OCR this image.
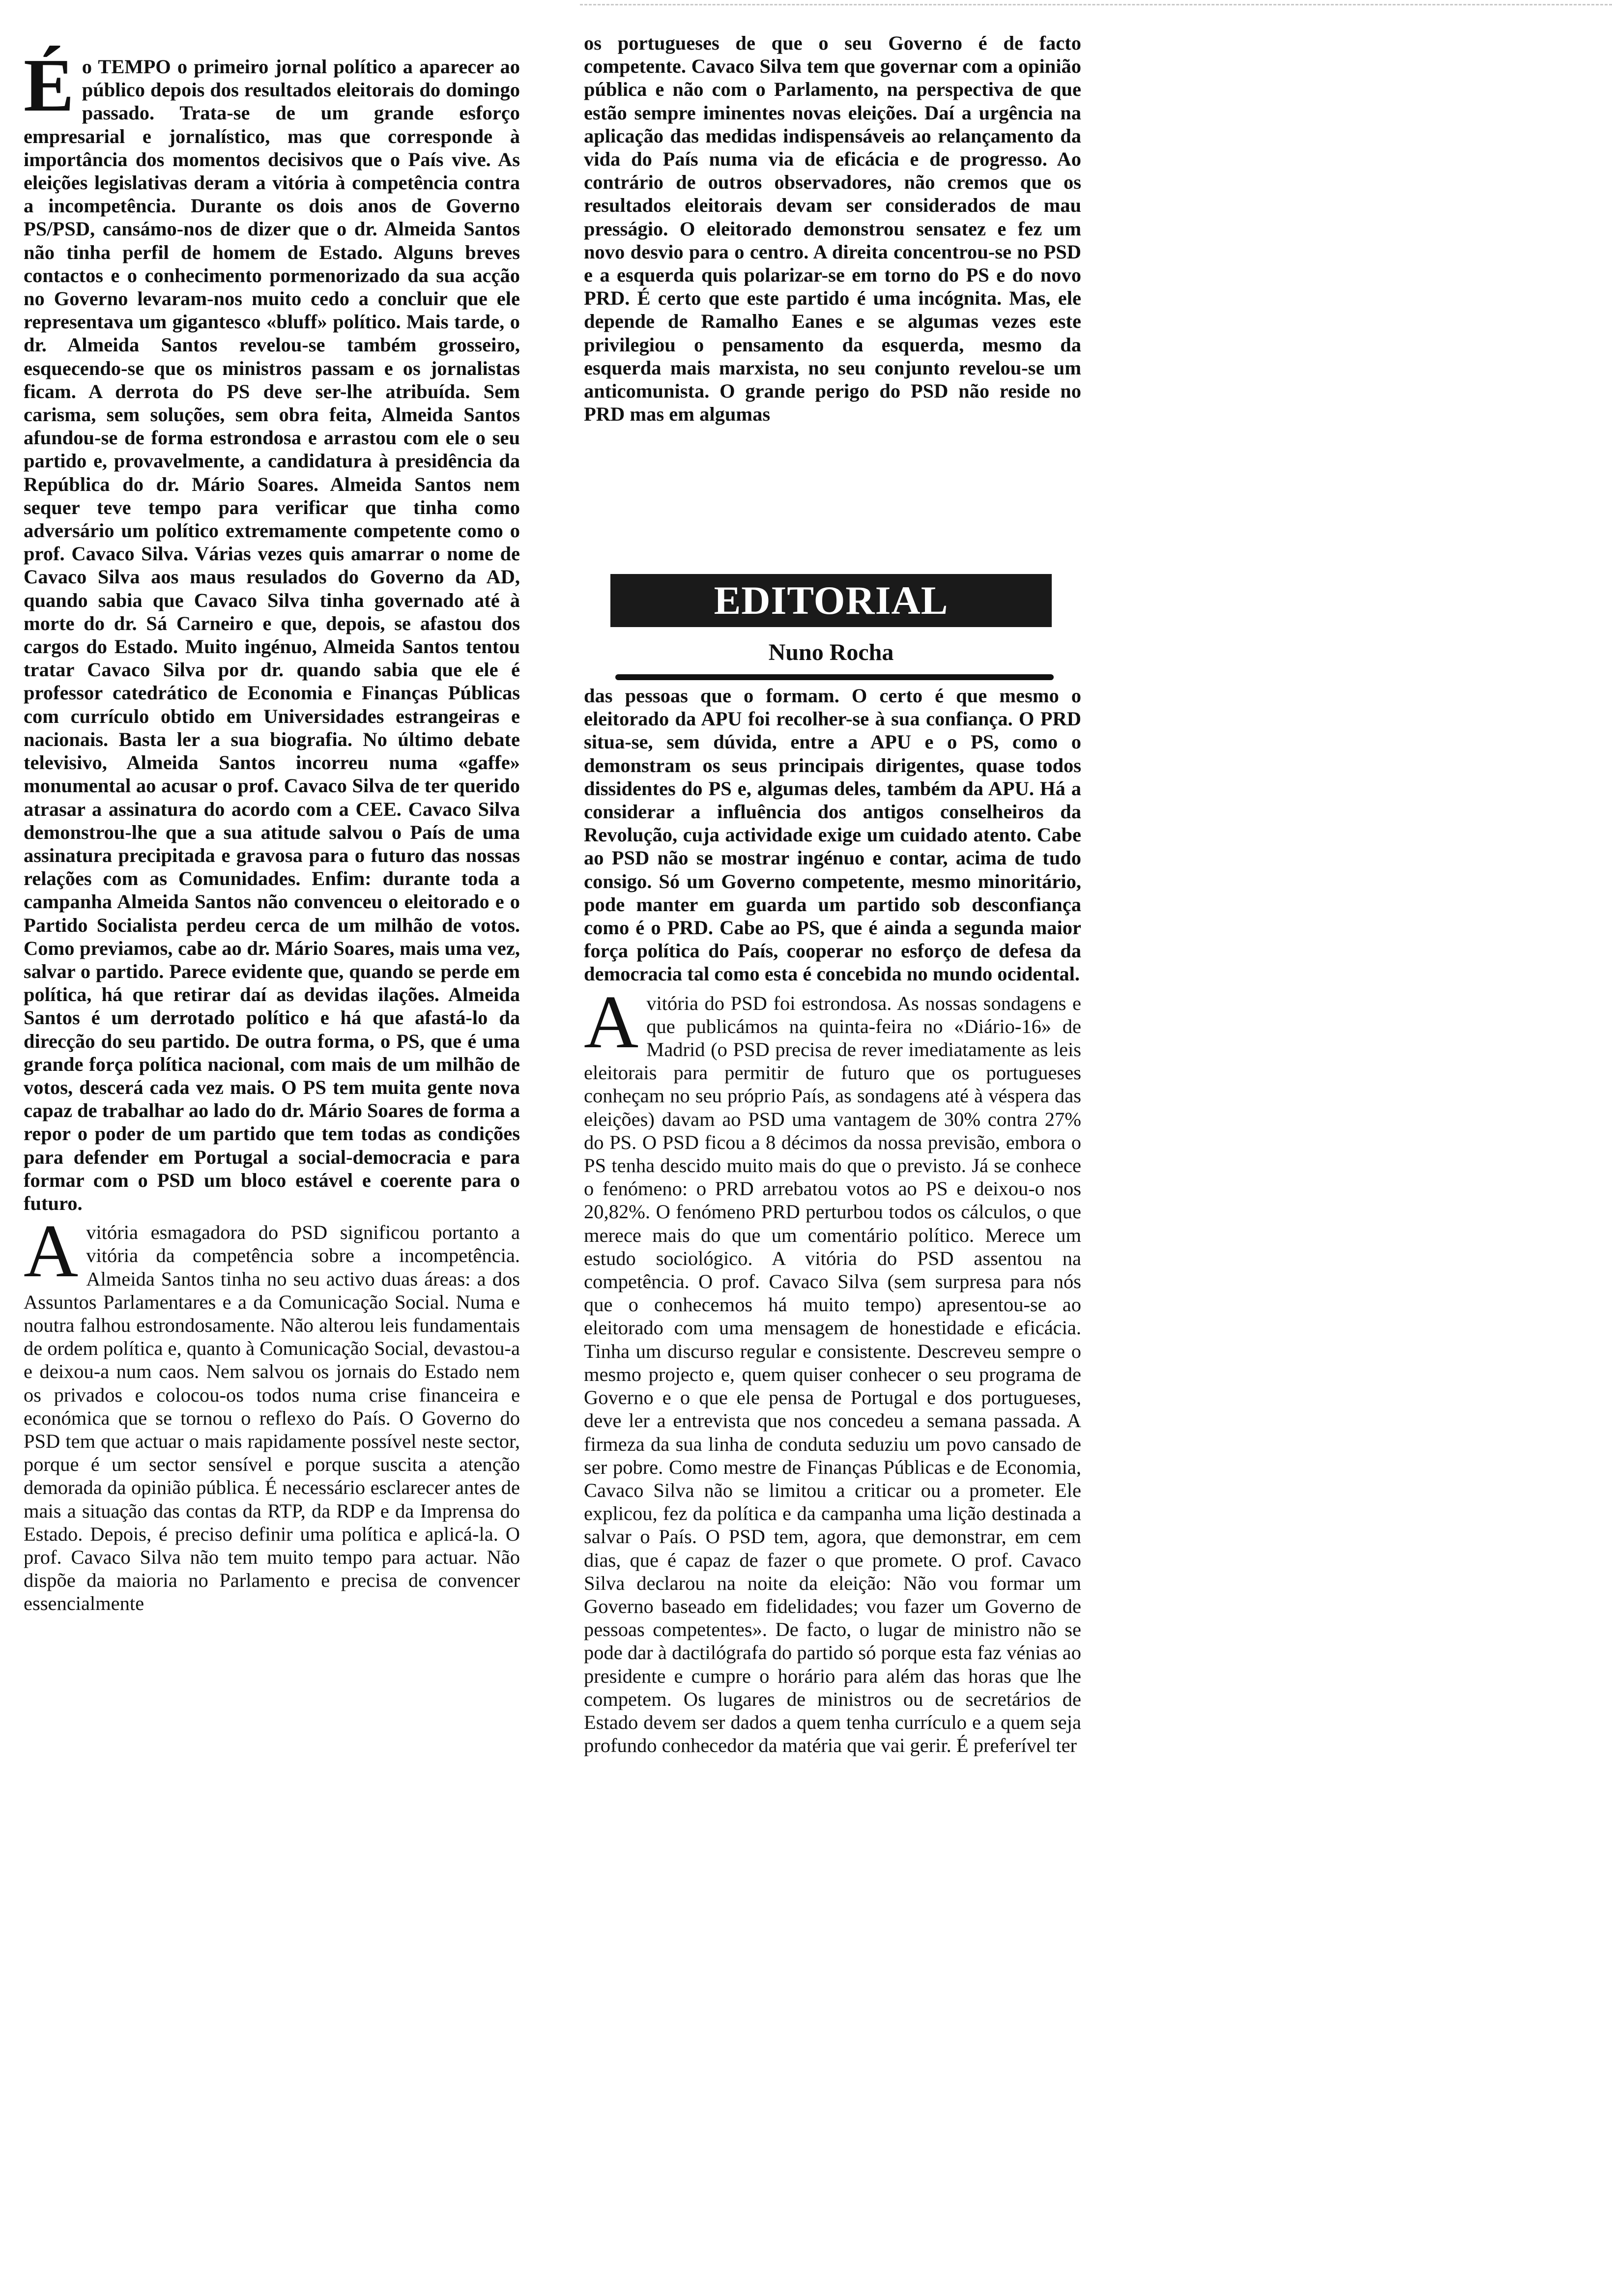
Éo TEMPO o primeiro jornal político a aparecer ao público depois dos resultados eleitorais do domingo passado. Trata-se de um grande esforço empresarial e jornalístico, mas que corresponde à importância dos momentos decisivos que o País vive. As eleições legislativas deram a vitória à competência contra a incompetência. Durante os dois anos de Governo PS/PSD, cansámo-nos de dizer que o dr. Almeida Santos não tinha perfil de homem de Estado. Alguns breves contactos e o conhecimento pormenorizado da sua acção no Governo levaram-nos muito cedo a concluir que ele representava um gigantesco «bluff» político. Mais tarde, o dr. Almeida Santos revelou-se também grosseiro, esquecendo-se que os ministros passam e os jornalistas ficam. A derrota do PS deve ser-lhe atribuída. Sem carisma, sem soluções, sem obra feita, Almeida Santos afundou-se de forma estrondosa e arrastou com ele o seu partido e, provavelmente, a candidatura à presidência da República do dr. Mário Soares. Almeida Santos nem sequer teve tempo para verificar que tinha como adversário um político extremamente competente como o prof. Cavaco Silva. Várias vezes quis amarrar o nome de Cavaco Silva aos maus resulados do Governo da AD, quando sabia que Cavaco Silva tinha governado até à morte do dr. Sá Carneiro e que, depois, se afastou dos cargos do Estado. Muito ingénuo, Almeida Santos tentou tratar Cavaco Silva por dr. quando sabia que ele é professor catedrático de Economia e Finanças Públicas com currículo obtido em Universidades estrangeiras e nacionais. Basta ler a sua biografia. No último debate televisivo, Almeida Santos incorreu numa «gaffe» monumental ao acusar o prof. Cavaco Silva de ter querido atrasar a assinatura do acordo com a CEE. Cavaco Silva demonstrou-lhe que a sua atitude salvou o País de uma assinatura precipitada e gravosa para o futuro das nossas relações com as Comunidades. Enfim: durante toda a campanha Almeida Santos não convenceu o eleitorado e o Partido Socialista perdeu cerca de um milhão de votos. Como previamos, cabe ao dr. Mário Soares, mais uma vez, salvar o partido. Parece evidente que, quando se perde em política, há que retirar daí as devidas ilações. Almeida Santos é um derrotado político e há que afastá-lo da direcção do seu partido. De outra forma, o PS, que é uma grande força política nacional, com mais de um milhão de votos, descerá cada vez mais. O PS tem muita gente nova capaz de trabalhar ao lado do dr. Mário Soares de forma a repor o poder de um partido que tem todas as condições para defender em Portugal a social-democracia e para formar com o PSD um bloco estável e coerente para o futuro.

Avitória esmagadora do PSD significou portanto a vitória da competência sobre a incompetência. Almeida Santos tinha no seu activo duas áreas: a dos Assuntos Parlamentares e a da Comunicação Social. Numa e noutra falhou estrondosamente. Não alterou leis fundamentais de ordem política e, quanto à Comunicação Social, devastou-a e deixou-a num caos. Nem salvou os jornais do Estado nem os privados e colocou-os todos numa crise financeira e económica que se tornou o reflexo do País. O Governo do PSD tem que actuar o mais rapidamente possível neste sector, porque é um sector sensível e porque suscita a atenção demorada da opinião pública. É necessário esclarecer antes de mais a situação das contas da RTP, da RDP e da Imprensa do Estado. Depois, é preciso definir uma política e aplicá-la. O prof. Cavaco Silva não tem muito tempo para actuar. Não dispõe da maioria no Parlamento e precisa de convencer essencialmente

os portugueses de que o seu Governo é de facto competente. Cavaco Silva tem que governar com a opinião pública e não com o Parlamento, na perspectiva de que estão sempre iminentes novas eleições. Daí a urgência na aplicação das medidas indispensáveis ao relançamento da vida do País numa via de eficácia e de progresso. Ao contrário de outros observadores, não cremos que os resultados eleitorais devam ser considerados de mau presságio. O eleitorado demonstrou sensatez e fez um novo desvio para o centro. A direita concentrou-se no PSD e a esquerda quis polarizar-se em torno do PS e do novo PRD. É certo que este partido é uma incógnita. Mas, ele depende de Ramalho Eanes e se algumas vezes este privilegiou o pensamento da esquerda, mesmo da esquerda mais marxista, no seu conjunto revelou-se um anticomunista. O grande perigo do PSD não reside no PRD mas em algumas

EDITORIAL
Nuno Rocha

das pessoas que o formam. O certo é que mesmo o eleitorado da APU foi recolher-se à sua confiança. O PRD situa-se, sem dúvida, entre a APU e o PS, como o demonstram os seus principais dirigentes, quase todos dissidentes do PS e, algumas deles, também da APU. Há a considerar a influência dos antigos conselheiros da Revolução, cuja actividade exige um cuidado atento. Cabe ao PSD não se mostrar ingénuo e contar, acima de tudo consigo. Só um Governo competente, mesmo minoritário, pode manter em guarda um partido sob desconfiança como é o PRD. Cabe ao PS, que é ainda a segunda maior força política do País, cooperar no esforço de defesa da democracia tal como esta é concebida no mundo ocidental.

Avitória do PSD foi estrondosa. As nossas sondagens e que publicámos na quinta-feira no «Diário-16» de Madrid (o PSD precisa de rever imediatamente as leis eleitorais para permitir de futuro que os portugueses conheçam no seu próprio País, as sondagens até à véspera das eleições) davam ao PSD uma vantagem de 30% contra 27% do PS. O PSD ficou a 8 décimos da nossa previsão, embora o PS tenha descido muito mais do que o previsto. Já se conhece o fenómeno: o PRD arrebatou votos ao PS e deixou-o nos 20,82%. O fenómeno PRD perturbou todos os cálculos, o que merece mais do que um comentário político. Merece um estudo sociológico. A vitória do PSD assentou na competência. O prof. Cavaco Silva (sem surpresa para nós que o conhecemos há muito tempo) apresentou-se ao eleitorado com uma mensagem de honestidade e eficácia. Tinha um discurso regular e consistente. Descreveu sempre o mesmo projecto e, quem quiser conhecer o seu programa de Governo e o que ele pensa de Portugal e dos portugueses, deve ler a entrevista que nos concedeu a semana passada. A firmeza da sua linha de conduta seduziu um povo cansado de ser pobre. Como mestre de Finanças Públicas e de Economia, Cavaco Silva não se limitou a criticar ou a prometer. Ele explicou, fez da política e da campanha uma lição destinada a salvar o País. O PSD tem, agora, que demonstrar, em cem dias, que é capaz de fazer o que promete. O prof. Cavaco Silva declarou na noite da eleição: Não vou formar um Governo baseado em fidelidades; vou fazer um Governo de pessoas competentes». De facto, o lugar de ministro não se pode dar à dactilógrafa do partido só porque esta faz vénias ao presidente e cumpre o horário para além das horas que lhe competem. Os lugares de ministros ou de secretários de Estado devem ser dados a quem tenha currículo e a quem seja profundo conhecedor da matéria que vai gerir. É preferível ter
